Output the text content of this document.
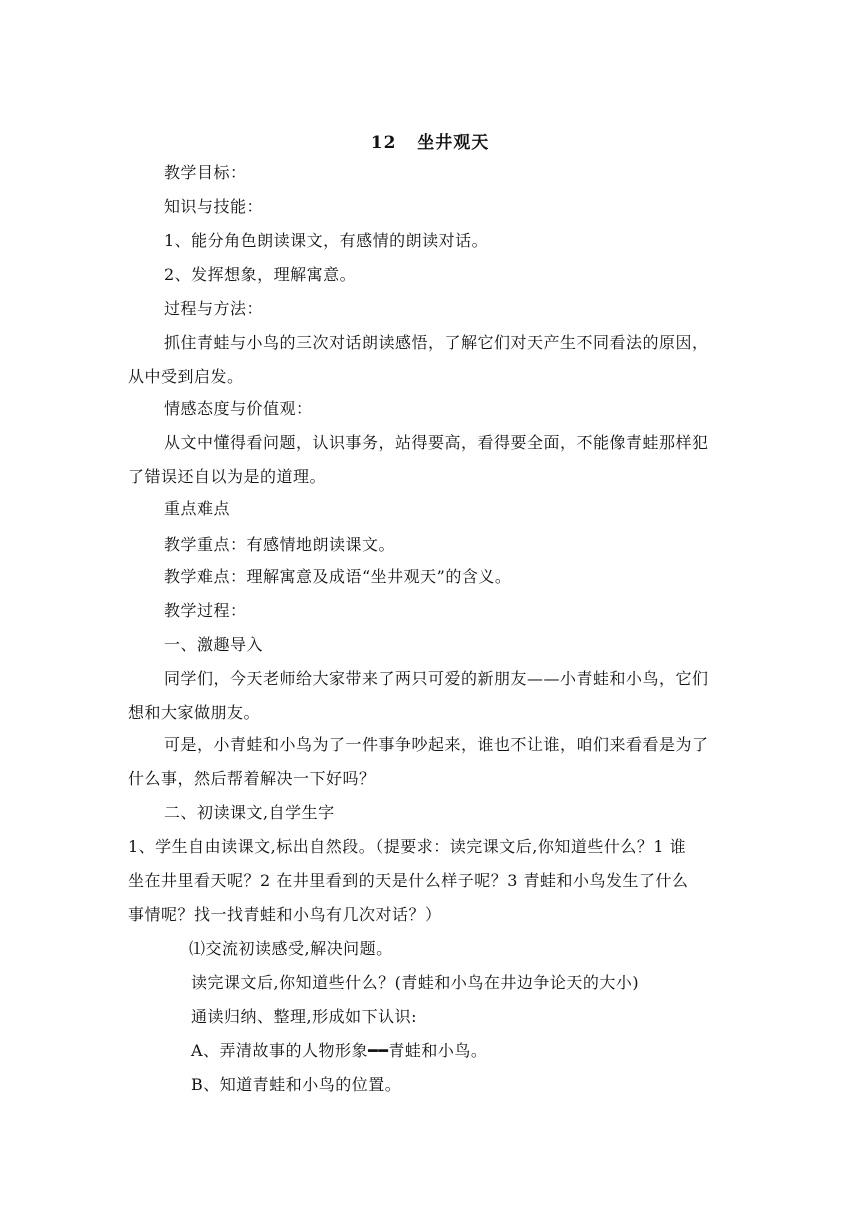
12   坐井观天
教学目标：
知识与技能：
1、能分角色朗读课文，有感情的朗读对话。
2、发挥想象，理解寓意。
过程与方法：
抓住青蛙与小鸟的三次对话朗读感悟，了解它们对天产生不同看法的原因，
从中受到启发。
情感态度与价值观：
从文中懂得看问题，认识事务，站得要高，看得要全面，不能像青蛙那样犯
了错误还自以为是的道理。
重点难点
教学重点：有感情地朗读课文。
教学难点：理解寓意及成语“坐井观天”的含义。
教学过程：
一、激趣导入
同学们，今天老师给大家带来了两只可爱的新朋友——小青蛙和小鸟，它们
想和大家做朋友。
可是，小青蛙和小鸟为了一件事争吵起来，谁也不让谁，咱们来看看是为了
什么事，然后帮着解决一下好吗？
二、初读课文,自学生字
1、学生自由读课文,标出自然段。（提要求：读完课文后,你知道些什么？1 谁
坐在井里看天呢？2 在井里看到的天是什么样子呢？3 青蛙和小鸟发生了什么
事情呢？找一找青蛙和小鸟有几次对话？）
⑴交流初读感受,解决问题。
读完课文后,你知道些什么？(青蛙和小鸟在井边争论天的大小)
通读归纳、整理,形成如下认识:
A、弄清故事的人物形象━━青蛙和小鸟。
B、知道青蛙和小鸟的位置。
